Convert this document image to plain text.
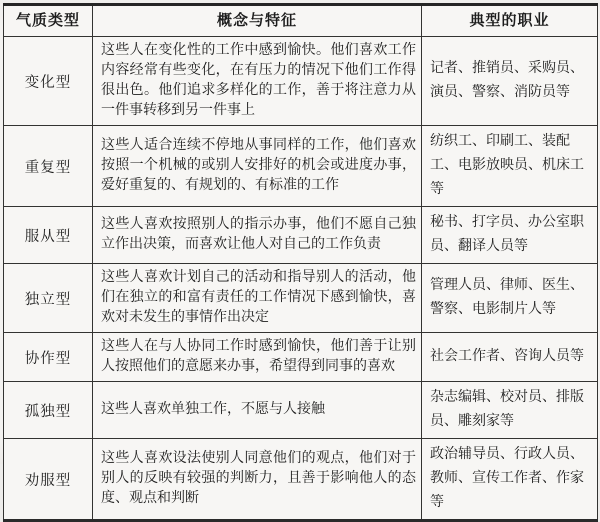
气质类型	概念与特征	典型的职业
变化型	这些人在变化性的工作中感到愉快。他们喜欢工作内容经常有些变化，在有压力的情况下他们工作得很出色。他们追求多样化的工作，善于将注意力从一件事转移到另一件事上	记者、推销员、采购员、演员、警察、消防员等
重复型	这些人适合连续不停地从事同样的工作，他们喜欢按照一个机械的或别人安排好的机会或进度办事，爱好重复的、有规划的、有标准的工作	纺织工、印刷工、装配工、电影放映员、机床工等
服从型	这些人喜欢按照别人的指示办事，他们不愿自己独立作出决策，而喜欢让他人对自己的工作负责	秘书、打字员、办公室职员、翻译人员等
独立型	这些人喜欢计划自己的活动和指导别人的活动，他们在独立的和富有责任的工作情况下感到愉快，喜欢对未发生的事情作出决定	管理人员、律师、医生、警察、电影制片人等
协作型	这些人在与人协同工作时感到愉快，他们善于让别人按照他们的意愿来办事，希望得到同事的喜欢	社会工作者、咨询人员等
孤独型	这些人喜欢单独工作，不愿与人接触	杂志编辑、校对员、排版员、雕刻家等
劝服型	这些人喜欢设法使别人同意他们的观点，他们对于别人的反映有较强的判断力，且善于影响他人的态度、观点和判断	政治辅导员、行政人员、教师、宣传工作者、作家等
